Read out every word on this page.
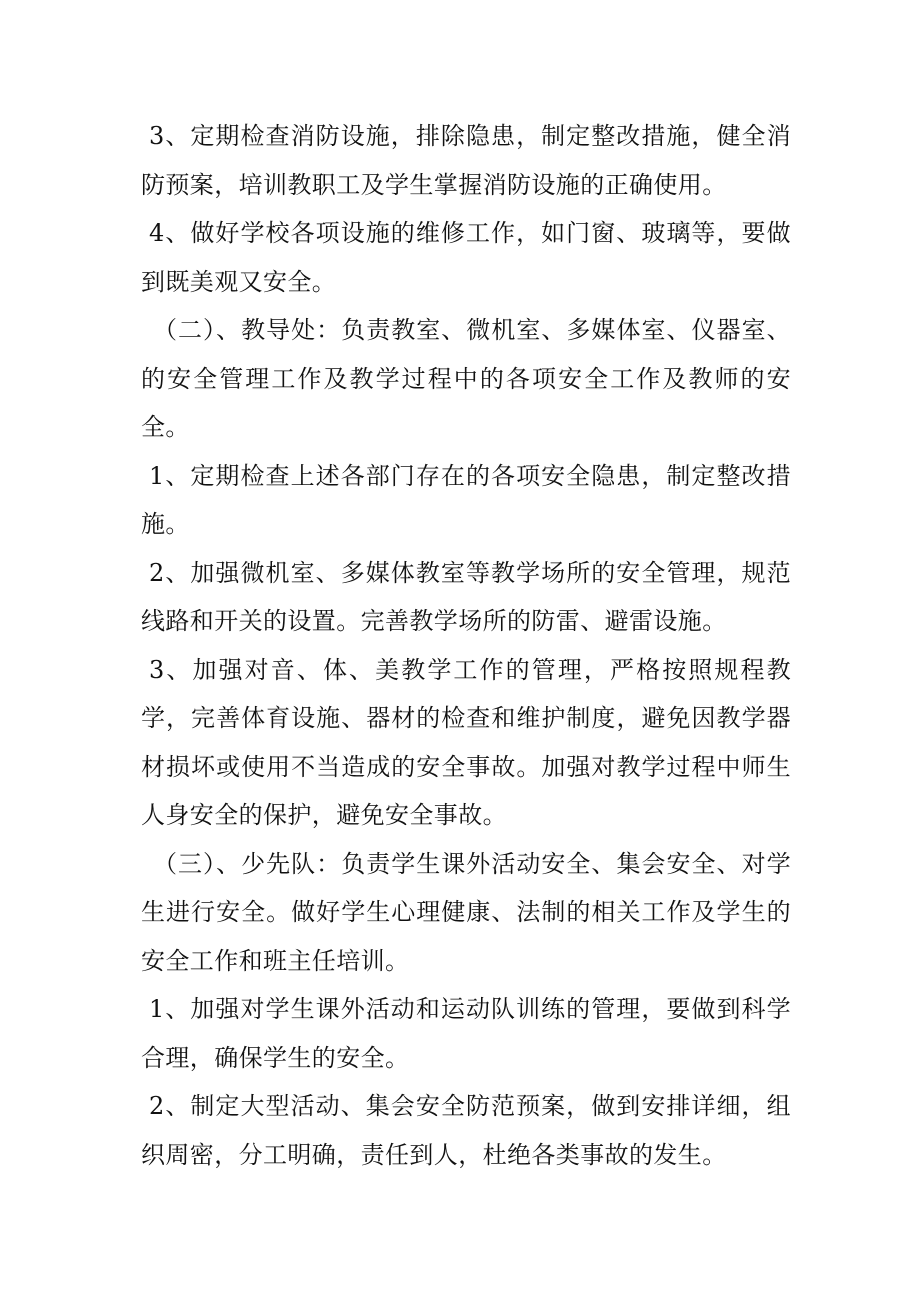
3、定期检查消防设施，排除隐患，制定整改措施，健全消防预案，培训教职工及学生掌握消防设施的正确使用。

4、做好学校各项设施的维修工作，如门窗、玻璃等，要做到既美观又安全。

（二）、教导处：负责教室、微机室、多媒体室、仪器室、的安全管理工作及教学过程中的各项安全工作及教师的安全。

1、定期检查上述各部门存在的各项安全隐患，制定整改措施。

2、加强微机室、多媒体教室等教学场所的安全管理，规范线路和开关的设置。完善教学场所的防雷、避雷设施。

3、加强对音、体、美教学工作的管理，严格按照规程教学，完善体育设施、器材的检查和维护制度，避免因教学器材损坏或使用不当造成的安全事故。加强对教学过程中师生人身安全的保护，避免安全事故。

（三）、少先队：负责学生课外活动安全、集会安全、对学生进行安全。做好学生心理健康、法制的相关工作及学生的安全工作和班主任培训。

1、加强对学生课外活动和运动队训练的管理，要做到科学合理，确保学生的安全。

2、制定大型活动、集会安全防范预案，做到安排详细，组织周密，分工明确，责任到人，杜绝各类事故的发生。
